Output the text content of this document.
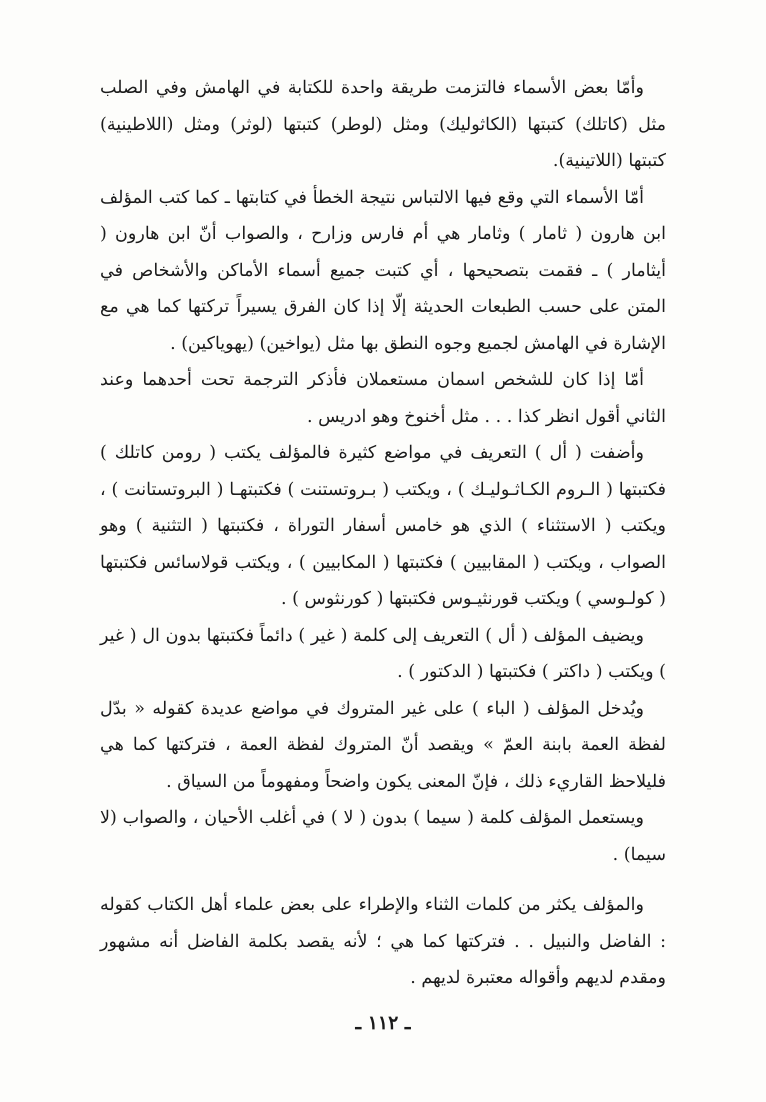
وأمّا بعض الأسماء فالتزمت طريقة واحدة للكتابة في الهامش وفي الصلب مثل (كاتلك) كتبتها (الكاثوليك) ومثل (لوطر) كتبتها (لوثر) ومثل (اللاطينية) كتبتها (اللاتينية).

أمّا الأسماء التي وقع فيها الالتباس نتيجة الخطأ في كتابتها ـ كما كتب المؤلف ابن هارون ( ثامار ) وثامار هي أم فارس وزارح ، والصواب أنّ ابن هارون ( أيثامار ) ـ فقمت بتصحيحها ، أي كتبت جميع أسماء الأماكن والأشخاص في المتن على حسب الطبعات الحديثة إلّا إذا كان الفرق يسيراً تركتها كما هي مع الإشارة في الهامش لجميع وجوه النطق بها مثل (يواخين) (يهوياكين) .

أمّا إذا كان للشخص اسمان مستعملان فأذكر الترجمة تحت أحدهما وعند الثاني أقول انظر كذا . . . مثل أخنوخ وهو ادريس .

وأضفت ( أل ) التعريف في مواضع كثيرة فالمؤلف يكتب ( رومن كاتلك ) فكتبتها ( الـروم الكـاثـوليـك ) ، ويكتب ( بـروتستنت ) فكتبتهـا ( البروتستانت ) ، ويكتب ( الاستثناء ) الذي هو خامس أسفار التوراة ، فكتبتها ( التثنية ) وهو الصواب ، ويكتب ( المقابيين ) فكتبتها ( المكابيين ) ، ويكتب قولاسائس فكتبتها ( كولـوسي ) ويكتب قورنثيـوس فكتبتها ( كورنثوس ) .

ويضيف المؤلف ( أل ) التعريف إلى كلمة ( غير ) دائماً فكتبتها بدون ال ( غير ) ويكتب ( داكتر ) فكتبتها ( الدكتور ) .

ويُدخل المؤلف ( الباء ) على غير المتروك في مواضع عديدة كقوله « بدّل لفظة العمة بابنة العمّ » ويقصد أنّ المتروك لفظة العمة ، فتركتها كما هي فليلاحظ القاريء ذلك ، فإنّ المعنى يكون واضحاً ومفهوماً من السياق .

ويستعمل المؤلف كلمة ( سيما ) بدون ( لا ) في أغلب الأحيان ، والصواب (لا سيما) .

والمؤلف يكثر من كلمات الثناء والإطراء على بعض علماء أهل الكتاب كقوله : الفاضل والنبيل . . فتركتها كما هي ؛ لأنه يقصد بكلمة الفاضل أنه مشهور ومقدم لديهم وأقواله معتبرة لديهم .

ـ ١١٢ ـ
